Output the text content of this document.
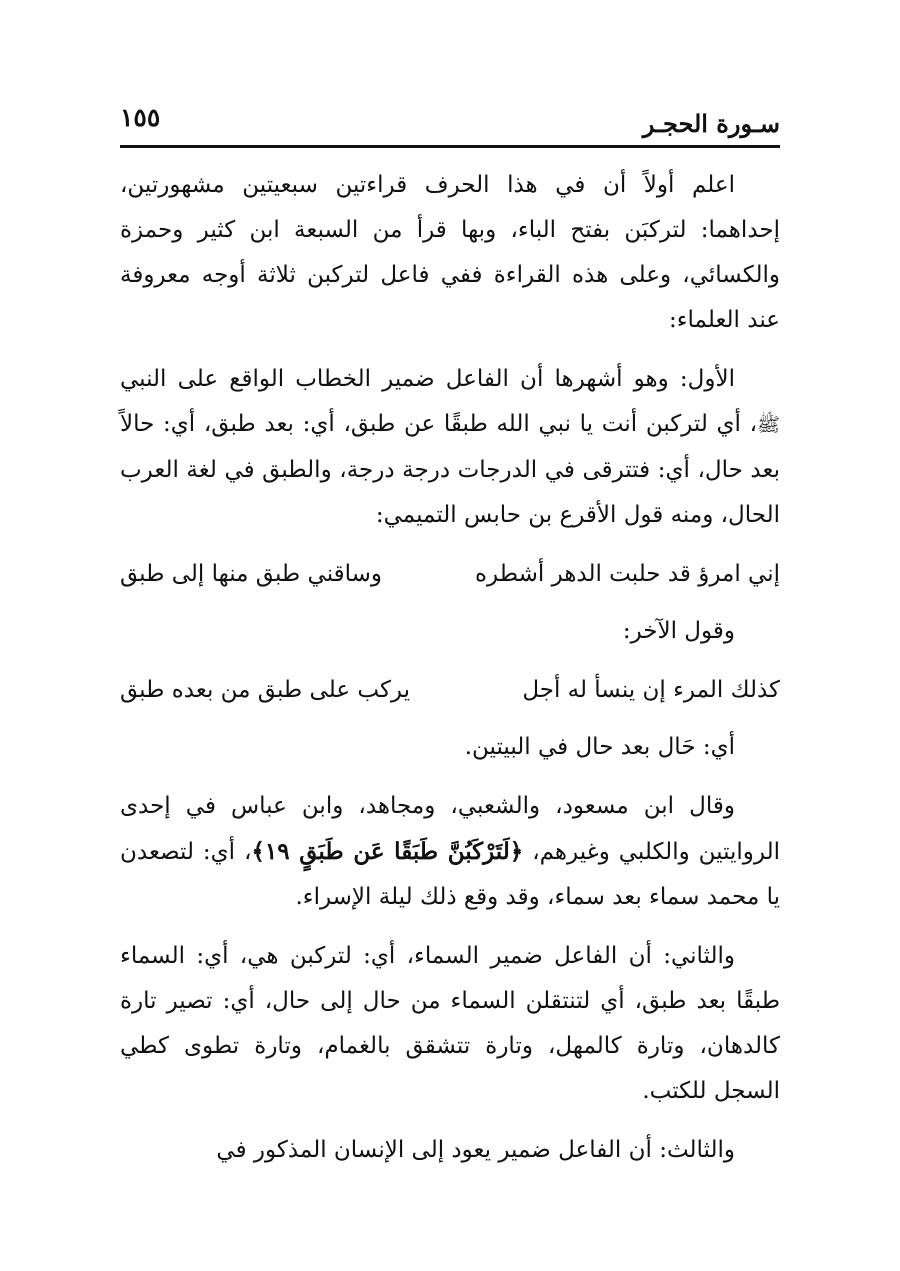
سـورة الحجـر
١٥٥

اعلم أولاً أن في هذا الحرف قراءتين سبعيتين مشهورتين، إحداهما: لتركبَن بفتح الباء، وبها قرأ من السبعة ابن كثير وحمزة والكسائي، وعلى هذه القراءة ففي فاعل لتركبن ثلاثة أوجه معروفة عند العلماء:

الأول: وهو أشهرها أن الفاعل ضمير الخطاب الواقع على النبي ﷺ، أي لتركبن أنت يا نبي الله طبقًا عن طبق، أي: بعد طبق، أي: حالاً بعد حال، أي: فتترقى في الدرجات درجة درجة، والطبق في لغة العرب الحال، ومنه قول الأقرع بن حابس التميمي:

إني امرؤ قد حلبت الدهر أشطره
وساقني طبق منها إلى طبق

وقول الآخر:

كذلك المرء إن ينسأ له أجل
يركب على طبق من بعده طبق

أي: حَال بعد حال في البيتين.

وقال ابن مسعود، والشعبي، ومجاهد، وابن عباس في إحدى الروايتين والكلبي وغيرهم، ﴿لَتَرْكَبُنَّ طَبَقًا عَن طَبَقٍ ١٩﴾، أي: لتصعدن يا محمد سماء بعد سماء، وقد وقع ذلك ليلة الإسراء.

والثاني: أن الفاعل ضمير السماء، أي: لتركبن هي، أي: السماء طبقًا بعد طبق، أي لتنتقلن السماء من حال إلى حال، أي: تصير تارة كالدهان، وتارة كالمهل، وتارة تتشقق بالغمام، وتارة تطوى كطي السجل للكتب.

والثالث: أن الفاعل ضمير يعود إلى الإنسان المذكور في
